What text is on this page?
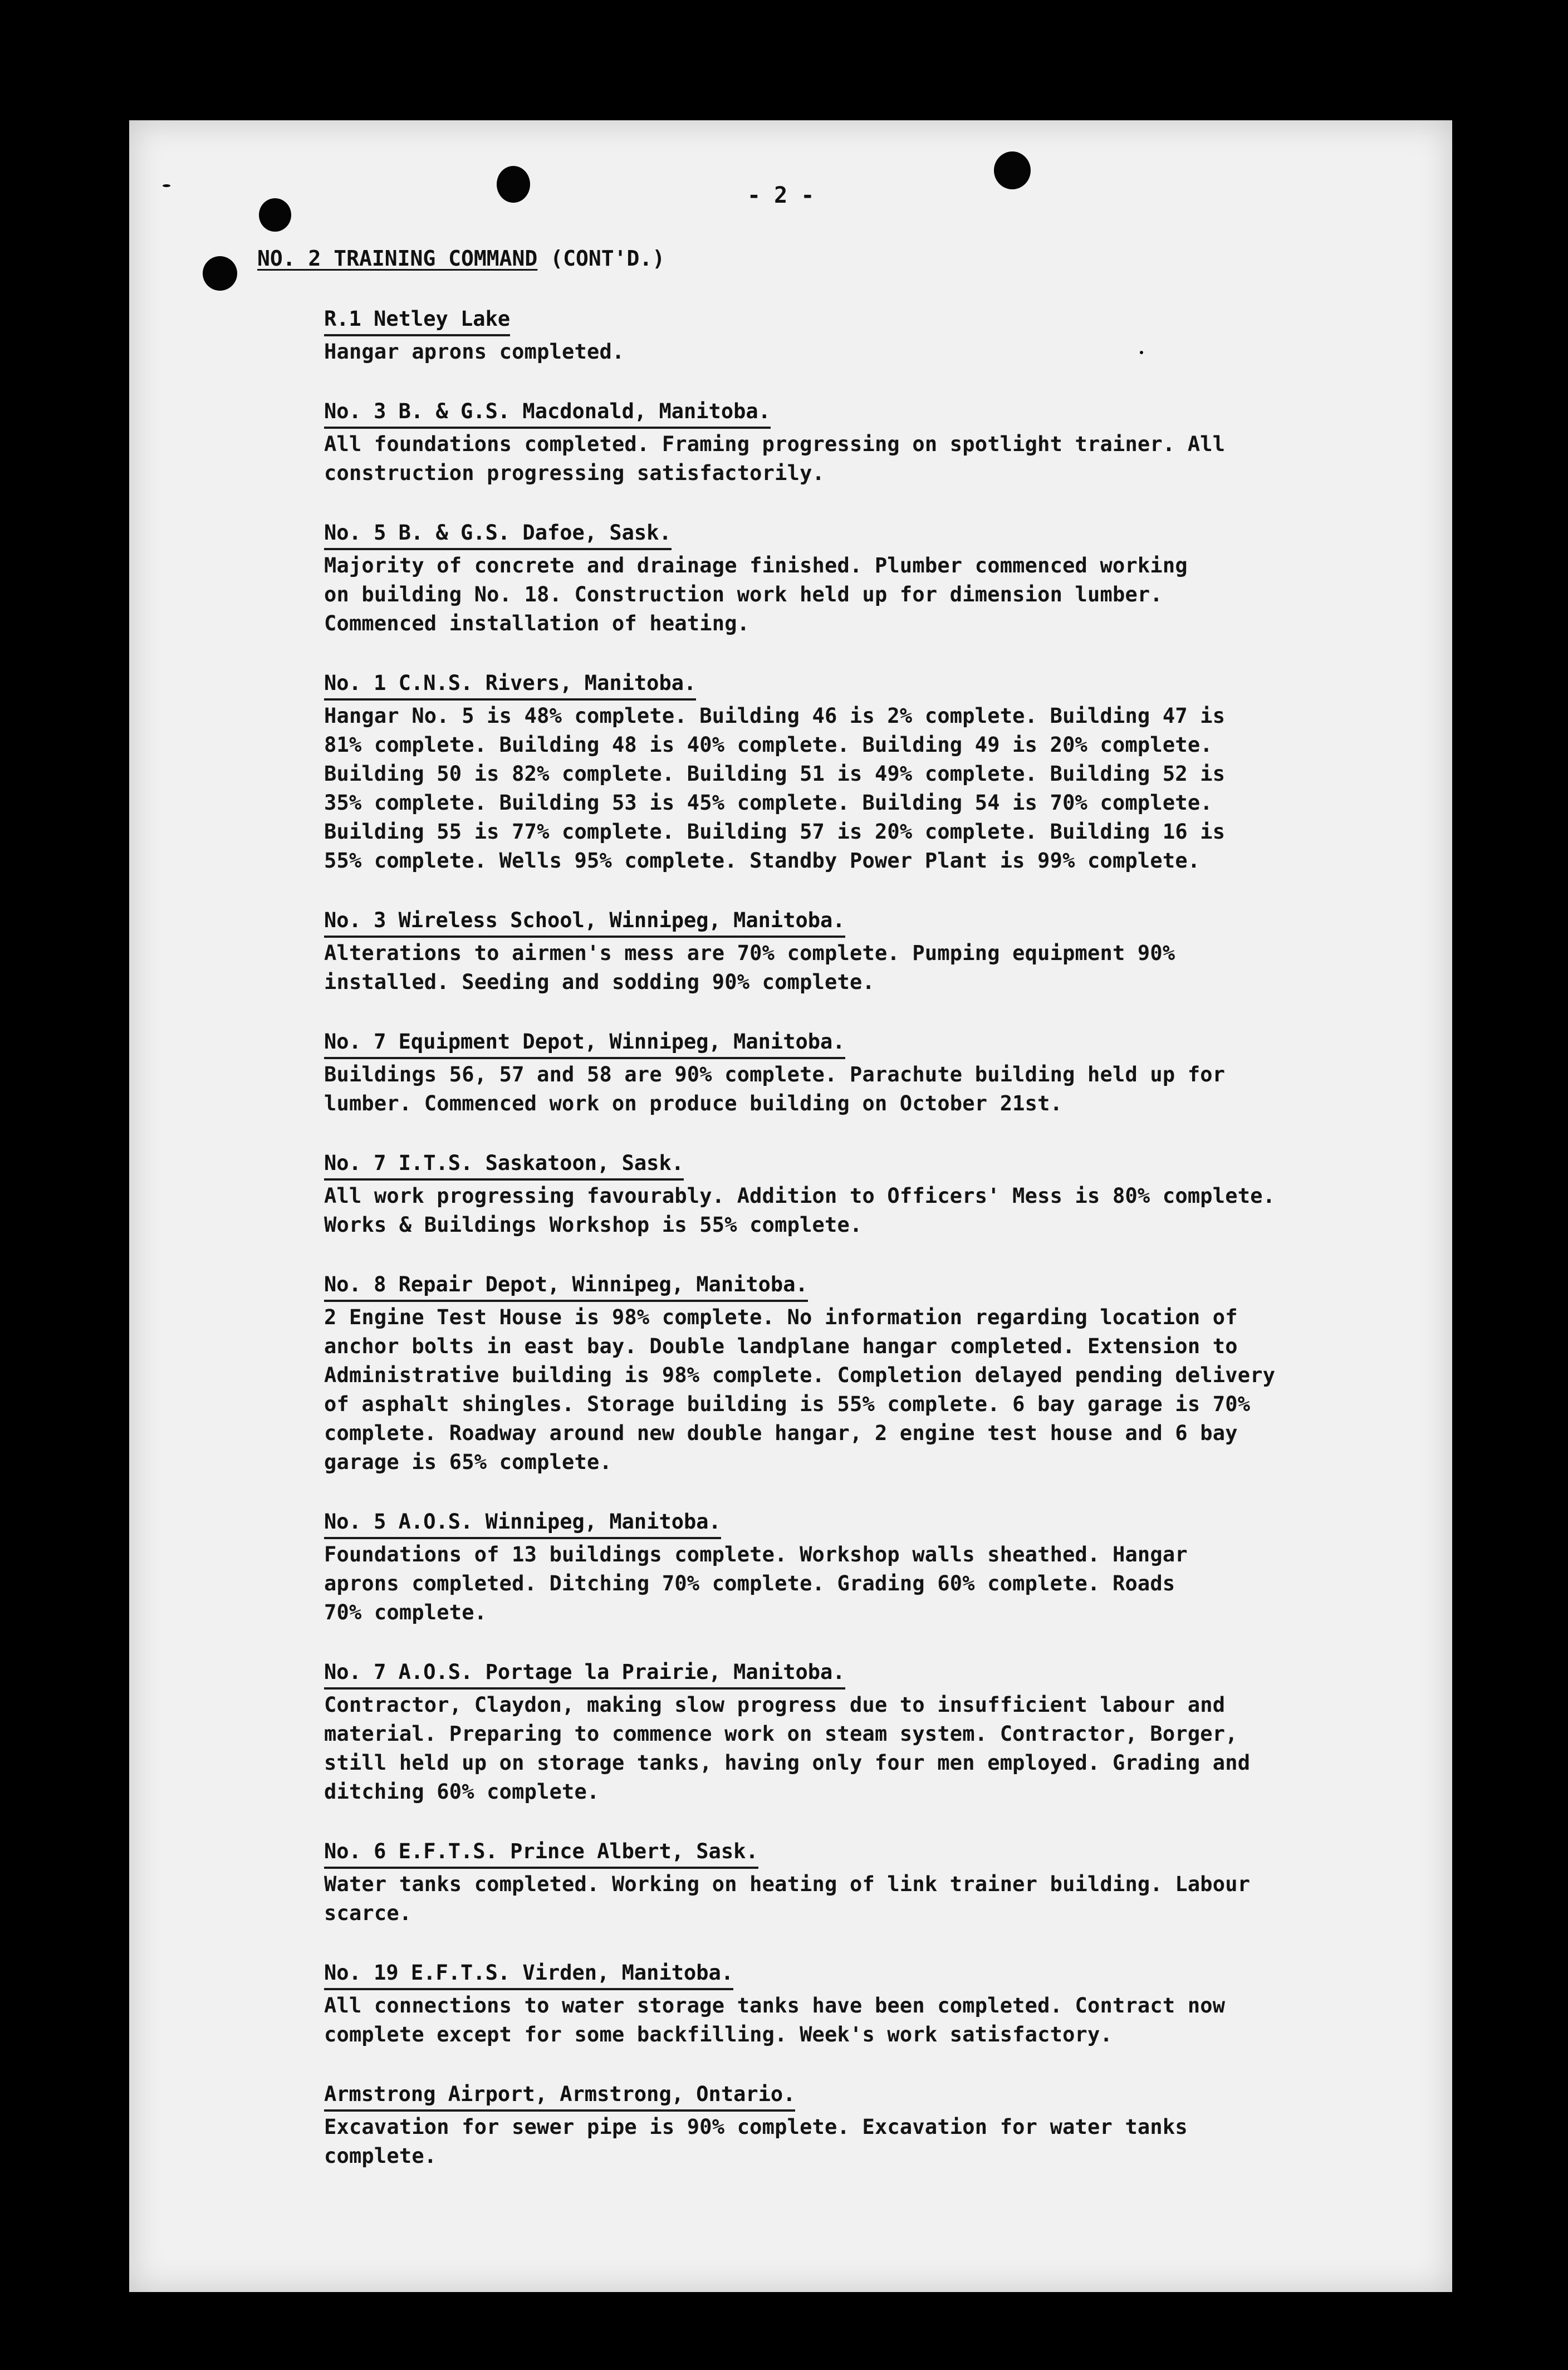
- 2 -
NO. 2 TRAINING COMMAND (CONT'D.)
R.1 Netley Lake
Hangar aprons completed.
No. 3 B. & G.S. Macdonald, Manitoba.
All foundations completed. Framing progressing on spotlight trainer. All
construction progressing satisfactorily.
No. 5 B. & G.S. Dafoe, Sask.
Majority of concrete and drainage finished. Plumber commenced working
on building No. 18. Construction work held up for dimension lumber.
Commenced installation of heating.
No. 1 C.N.S. Rivers, Manitoba.
Hangar No. 5 is 48% complete. Building 46 is 2% complete. Building 47 is
81% complete. Building 48 is 40% complete. Building 49 is 20% complete.
Building 50 is 82% complete. Building 51 is 49% complete. Building 52 is
35% complete. Building 53 is 45% complete. Building 54 is 70% complete.
Building 55 is 77% complete. Building 57 is 20% complete. Building 16 is
55% complete. Wells 95% complete. Standby Power Plant is 99% complete.
No. 3 Wireless School, Winnipeg, Manitoba.
Alterations to airmen's mess are 70% complete. Pumping equipment 90%
installed. Seeding and sodding 90% complete.
No. 7 Equipment Depot, Winnipeg, Manitoba.
Buildings 56, 57 and 58 are 90% complete. Parachute building held up for
lumber. Commenced work on produce building on October 21st.
No. 7 I.T.S. Saskatoon, Sask.
All work progressing favourably. Addition to Officers' Mess is 80% complete.
Works & Buildings Workshop is 55% complete.
No. 8 Repair Depot, Winnipeg, Manitoba.
2 Engine Test House is 98% complete. No information regarding location of
anchor bolts in east bay. Double landplane hangar completed. Extension to
Administrative building is 98% complete. Completion delayed pending delivery
of asphalt shingles. Storage building is 55% complete. 6 bay garage is 70%
complete. Roadway around new double hangar, 2 engine test house and 6 bay
garage is 65% complete.
No. 5 A.O.S. Winnipeg, Manitoba.
Foundations of 13 buildings complete. Workshop walls sheathed. Hangar
aprons completed. Ditching 70% complete. Grading 60% complete. Roads
70% complete.
No. 7 A.O.S. Portage la Prairie, Manitoba.
Contractor, Claydon, making slow progress due to insufficient labour and
material. Preparing to commence work on steam system. Contractor, Borger,
still held up on storage tanks, having only four men employed. Grading and
ditching 60% complete.
No. 6 E.F.T.S. Prince Albert, Sask.
Water tanks completed. Working on heating of link trainer building. Labour
scarce.
No. 19 E.F.T.S. Virden, Manitoba.
All connections to water storage tanks have been completed. Contract now
complete except for some backfilling. Week's work satisfactory.
Armstrong Airport, Armstrong, Ontario.
Excavation for sewer pipe is 90% complete. Excavation for water tanks
complete.
